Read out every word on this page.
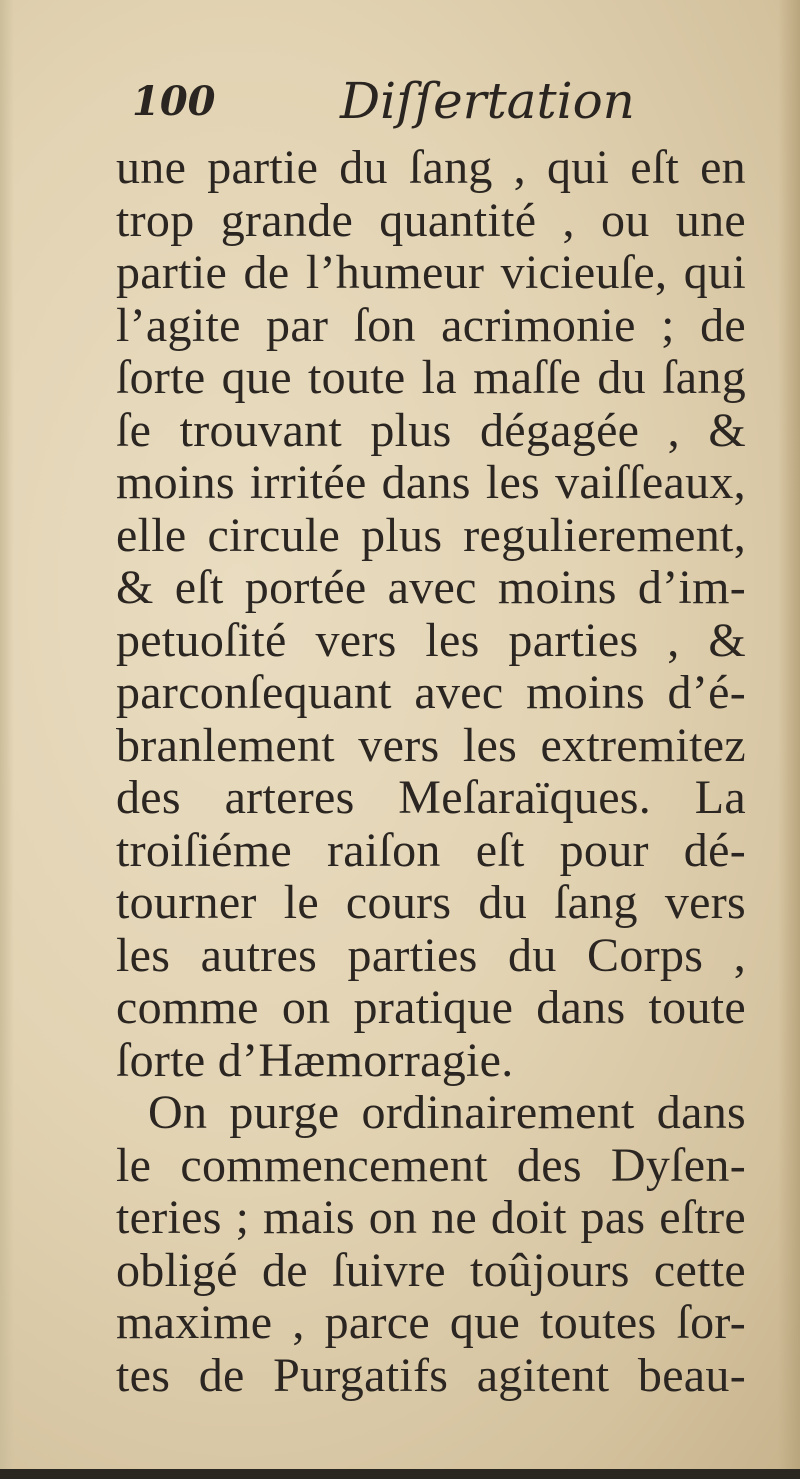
100 Diſſertation
une partie du ſang , qui eſt en
trop grande quantité , ou une
partie de l’humeur vicieuſe, qui
l’agite par ſon acrimonie ; de
ſorte que toute la maſſe du ſang
ſe trouvant plus dégagée , &
moins irritée dans les vaiſſeaux,
elle circule plus regulierement,
& eſt portée avec moins d’im-
petuoſité vers les parties , &
parconſequant avec moins d’é-
branlement vers les extremitez
des arteres Meſaraïques. La
troiſiéme raiſon eſt pour dé-
tourner le cours du ſang vers
les autres parties du Corps ,
comme on pratique dans toute
ſorte d’Hæmorragie.
On purge ordinairement dans
le commencement des Dyſen-
teries ; mais on ne doit pas eſtre
obligé de ſuivre toûjours cette
maxime , parce que toutes ſor-
tes de Purgatifs agitent beau-
